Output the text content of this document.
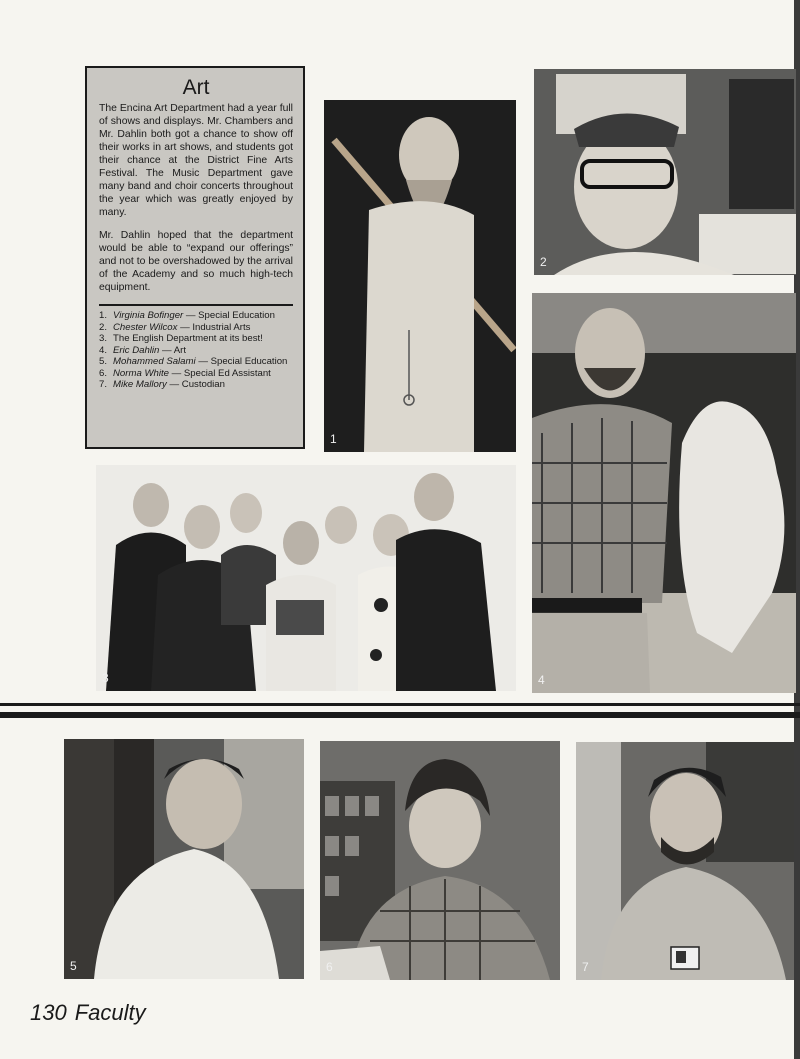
Art

The Encina Art Department had a year full of shows and displays. Mr. Chambers and Mr. Dahlin both got a chance to show off their works in art shows, and students got their chance at the District Fine Arts Festival. The Music Department gave many band and choir concerts throughout the year which was greatly enjoyed by many.

Mr. Dahlin hoped that the department would be able to “expand our offerings” and not to be overshadowed by the arrival of the Academy and so much high-tech equipment.

1. Virginia Bofinger — Special Education
2. Chester Wilcox — Industrial Arts
3. The English Department at its best!
4. Eric Dahlin — Art
5. Mohammed Salami — Special Education
6. Norma White — Special Ed Assistant
7. Mike Mallory — Custodian
1
2
3	4
5	6	7
130 Faculty
